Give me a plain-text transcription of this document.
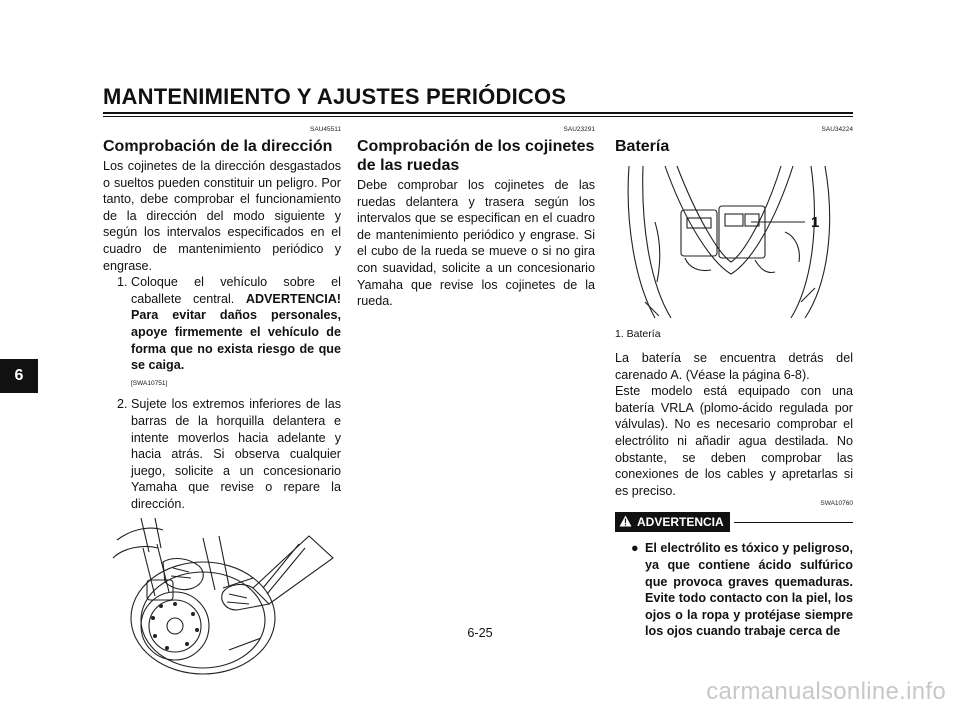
MANTENIMIENTO Y AJUSTES PERIÓDICOS
6
SAU45511
Comprobación de la dirección

Los cojinetes de la dirección desgastados o sueltos pueden constituir un peligro. Por tanto, debe comprobar el funcionamiento de la dirección del modo siguiente y según los intervalos especificados en el cuadro de mantenimiento periódico y engrase.

1. Coloque el vehículo sobre el caballete central. ADVERTENCIA! Para evitar daños personales, apoye firmemente el vehículo de forma que no exista riesgo de que se caiga.
[SWA10751]

2. Sujete los extremos inferiores de las barras de la horquilla delantera e intente moverlos hacia adelante y hacia atrás. Si observa cualquier juego, solicite a un concesionario Yamaha que revise o repare la dirección.

SAU23291
Comprobación de los cojinetes de las ruedas

Debe comprobar los cojinetes de las ruedas delantera y trasera según los intervalos que se especifican en el cuadro de mantenimiento periódico y engrase. Si el cubo de la rueda se mueve o si no gira con suavidad, solicite a un concesionario Yamaha que revise los cojinetes de la rueda.

SAU34224
Batería
1
1. Batería

La batería se encuentra detrás del carenado A. (Véase la página 6-8).

Este modelo está equipado con una batería VRLA (plomo-ácido regulada por válvulas). No es necesario comprobar el electrólito ni añadir agua destilada. No obstante, se deben comprobar las conexiones de los cables y apretarlas si es preciso.

SWA10760
ADVERTENCIA

● El electrólito es tóxico y peligroso, ya que contiene ácido sulfúrico que provoca graves quemaduras. Evite todo contacto con la piel, los ojos o la ropa y protéjase siempre los ojos cuando trabaje cerca de

6-25
carmanualsonline.info
